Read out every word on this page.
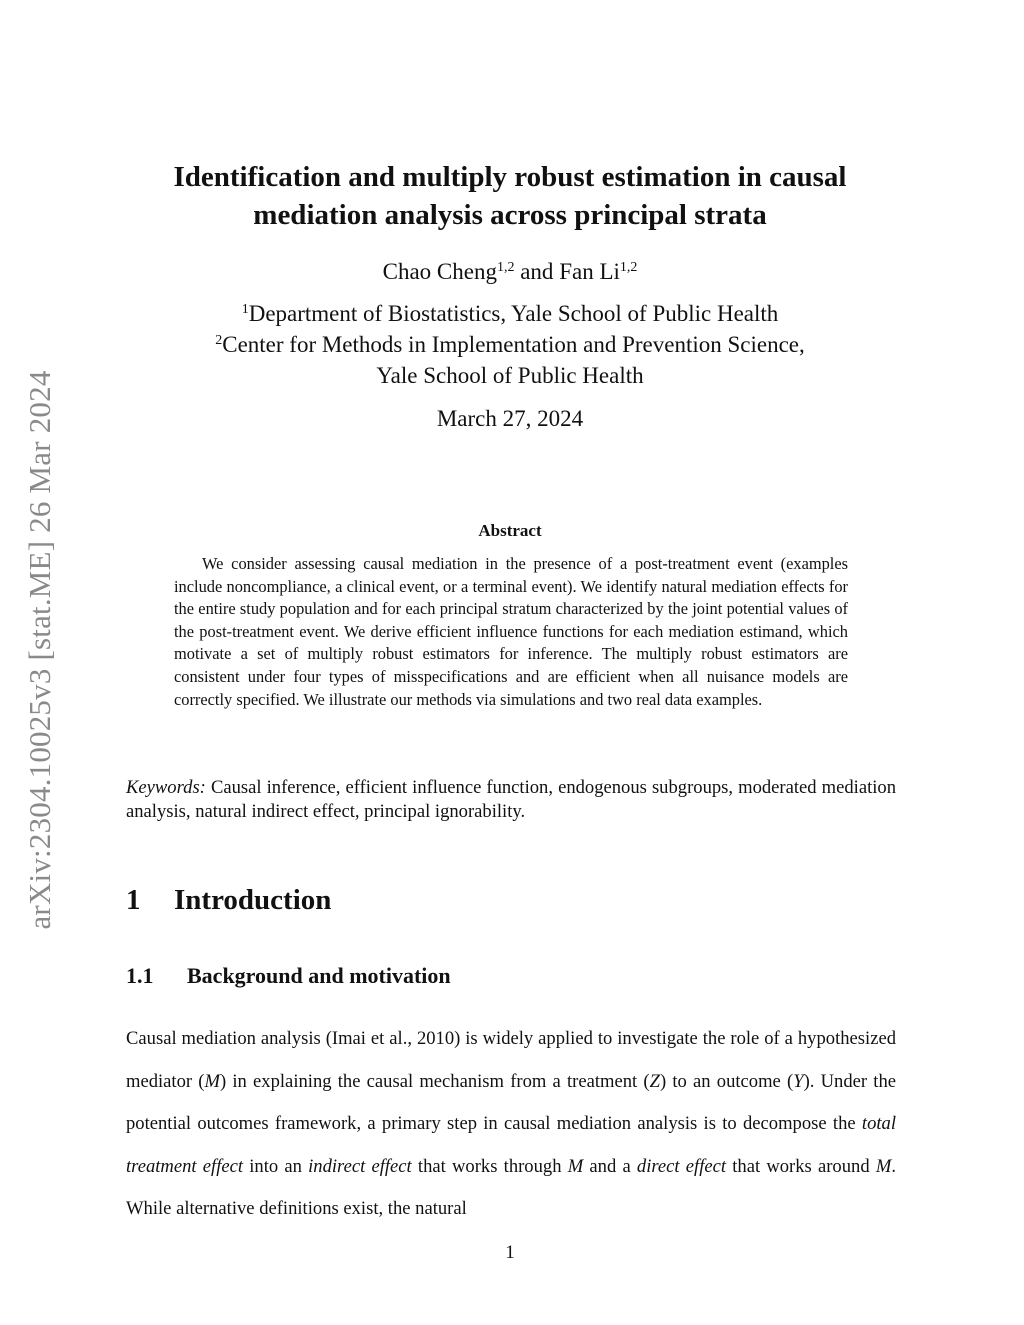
arXiv:2304.10025v3 [stat.ME] 26 Mar 2024
Identification and multiply robust estimation in causal
mediation analysis across principal strata
Chao Cheng$^{1,2}$ and Fan Li$^{1,2}$
$^1$Department of Biostatistics, Yale School of Public Health
$^2$Center for Methods in Implementation and Prevention Science,
Yale School of Public Health
March 27, 2024
Abstract

We consider assessing causal mediation in the presence of a post-treatment event (examples include noncompliance, a clinical event, or a terminal event). We identify natural mediation effects for the entire study population and for each principal stratum characterized by the joint potential values of the post-treatment event. We derive efficient influence functions for each mediation estimand, which motivate a set of multiply robust estimators for inference. The multiply robust estimators are consistent under four types of misspecifications and are efficient when all nuisance models are correctly specified. We illustrate our methods via simulations and two real data examples.

Keywords: Causal inference, efficient influence function, endogenous subgroups, moderated mediation analysis, natural indirect effect, principal ignorability.

1 Introduction
1.1 Background and motivation

Causal mediation analysis (Imai et al., 2010) is widely applied to investigate the role of a hypothesized mediator (M) in explaining the causal mechanism from a treatment (Z) to an outcome (Y). Under the potential outcomes framework, a primary step in causal mediation analysis is to decompose the total treatment effect into an indirect effect that works through M and a direct effect that works around M. While alternative definitions exist, the natural

1
